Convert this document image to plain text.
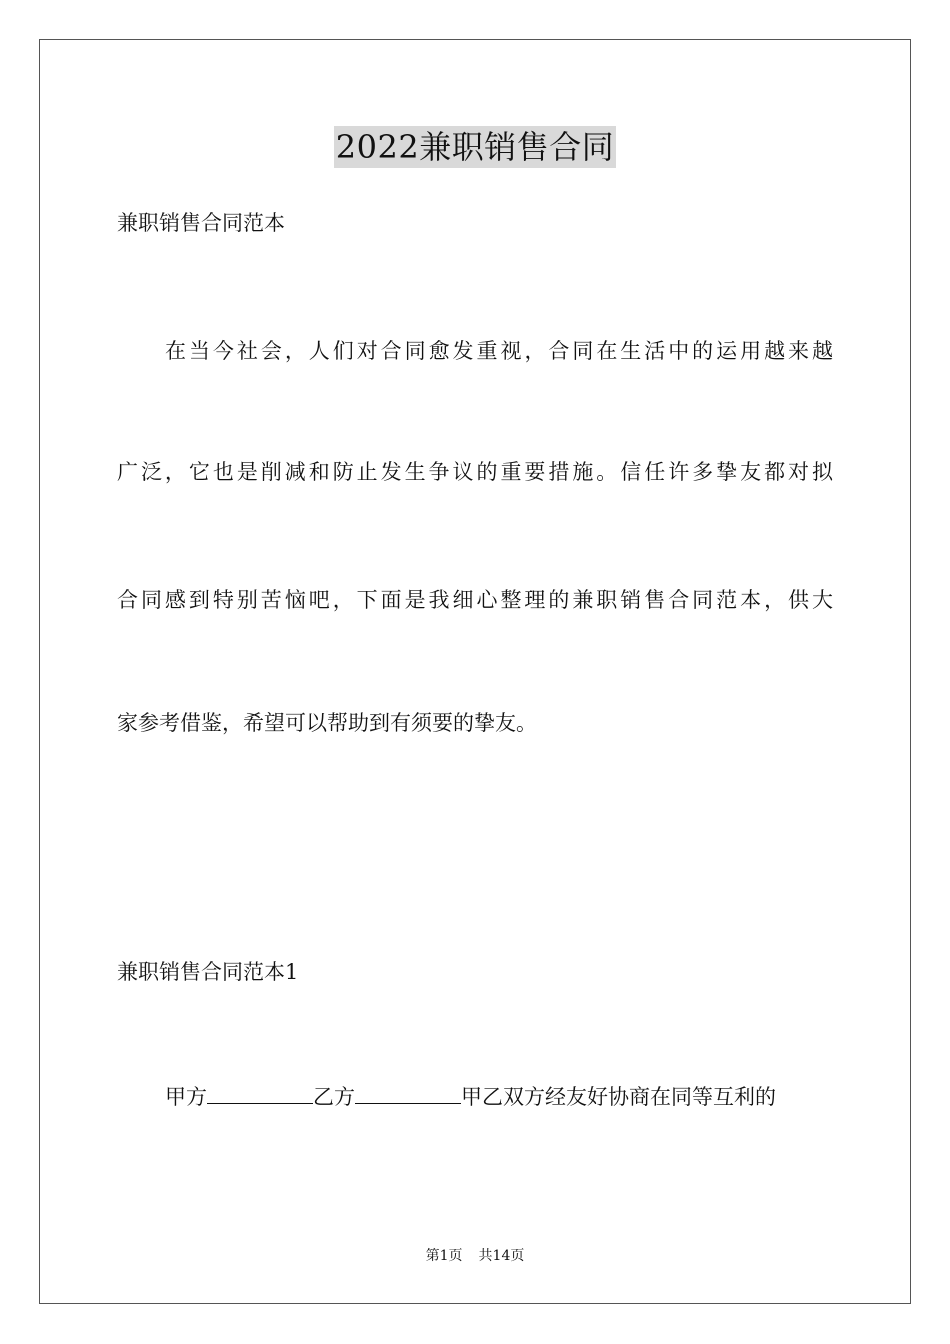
2022兼职销售合同

兼职销售合同范本

在当今社会，人们对合同愈发重视，合同在生活中的运用越来越

广泛，它也是削减和防止发生争议的重要措施。信任许多挚友都对拟

合同感到特别苦恼吧，下面是我细心整理的兼职销售合同范本，供大

家参考借鉴，希望可以帮助到有须要的挚友。

兼职销售合同范本1

甲方	乙方	甲乙双方经友好协商在同等互利的

第1页 共14页
